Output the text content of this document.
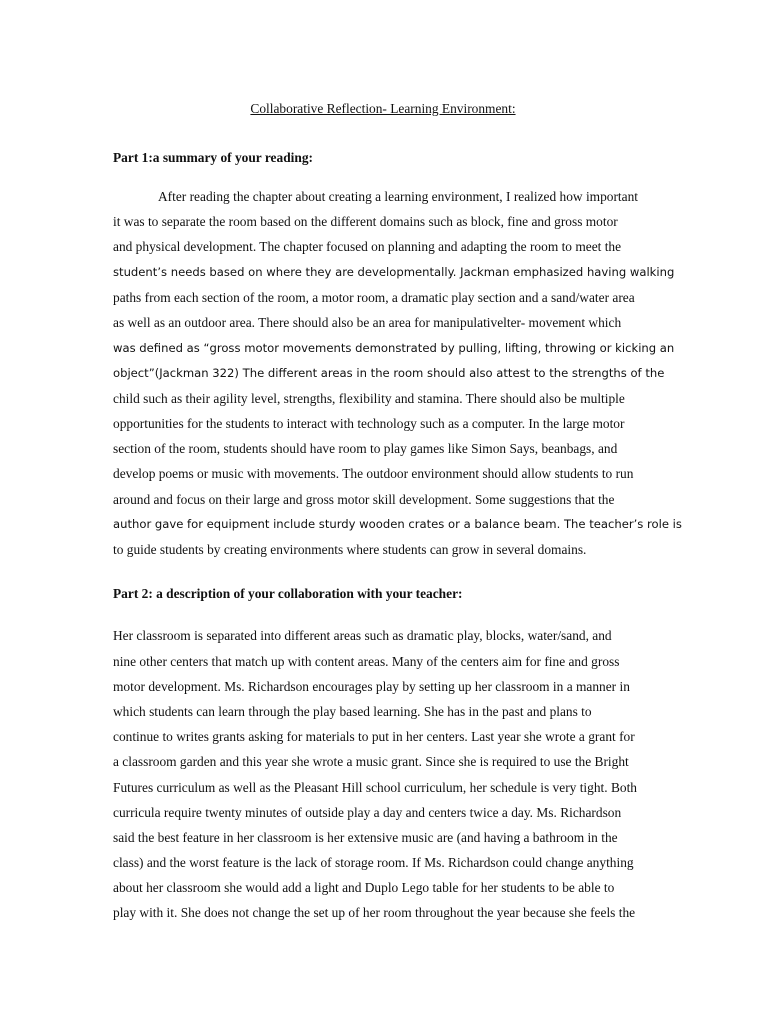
Collaborative Reflection- Learning Environment:
Part 1:a summary of your reading:
After reading the chapter about creating a learning environment, I realized how important
it was to separate the room based on the different domains such as block, fine and gross motor
and physical development. The chapter focused on planning and adapting the room to meet the
student’s needs based on where they are developmentally. Jackman emphasized having walking
paths from each section of the room, a motor room, a dramatic play section and a sand/water area
as well as an outdoor area. There should also be an area for manipulativelter- movement which
was defined as “gross motor movements demonstrated by pulling, lifting, throwing or kicking an
object”(Jackman 322) The different areas in the room should also attest to the strengths of the
child such as their agility level, strengths, flexibility and stamina. There should also be multiple
opportunities for the students to interact with technology such as a computer. In the large motor
section of the room, students should have room to play games like Simon Says, beanbags, and
develop poems or music with movements. The outdoor environment should allow students to run
around and focus on their large and gross motor skill development. Some suggestions that the
author gave for equipment include sturdy wooden crates or a balance beam. The teacher’s role is
to guide students by creating environments where students can grow in several domains.
Part 2: a description of your collaboration with your teacher:
Her classroom is separated into different areas such as dramatic play, blocks, water/sand, and
nine other centers that match up with content areas. Many of the centers aim for fine and gross
motor development. Ms. Richardson encourages play by setting up her classroom in a manner in
which students can learn through the play based learning. She has in the past and plans to
continue to writes grants asking for materials to put in her centers. Last year she wrote a grant for
a classroom garden and this year she wrote a music grant. Since she is required to use the Bright
Futures curriculum as well as the Pleasant Hill school curriculum, her schedule is very tight. Both
curricula require twenty minutes of outside play a day and centers twice a day. Ms. Richardson
said the best feature in her classroom is her extensive music are (and having a bathroom in the
class) and the worst feature is the lack of storage room. If Ms. Richardson could change anything
about her classroom she would add a light and Duplo Lego table for her students to be able to
play with it. She does not change the set up of her room throughout the year because she feels the
